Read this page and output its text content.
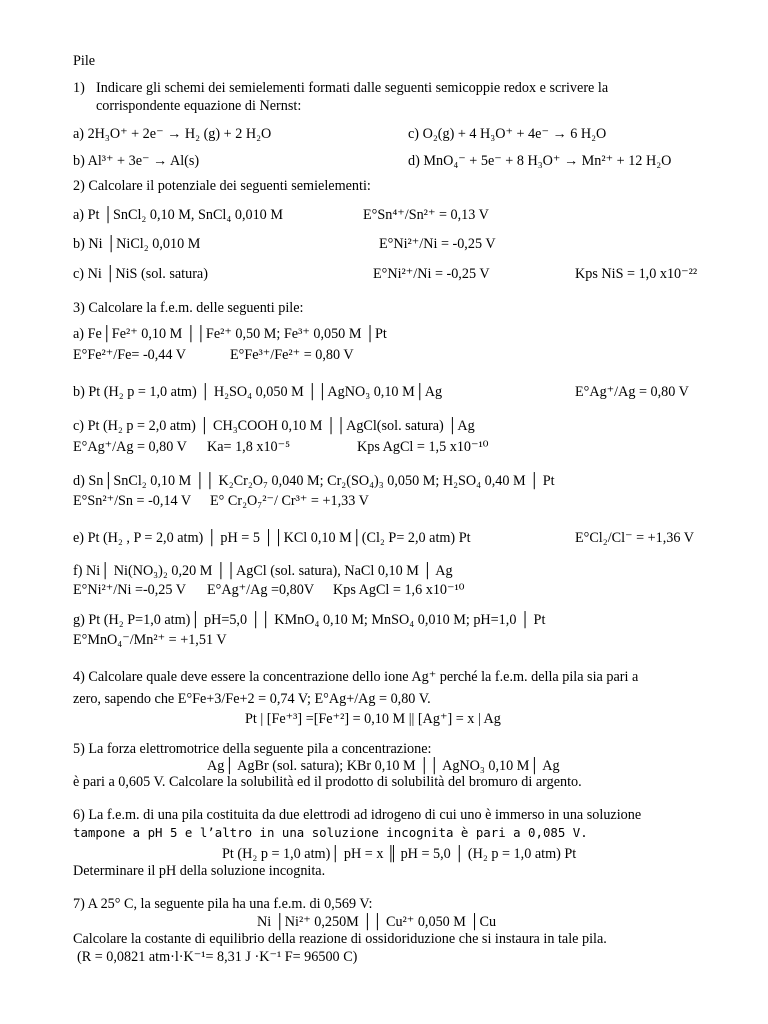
Pile
1) Indicare gli schemi dei semielementi formati dalle seguenti semicoppie redox e scrivere la
corrispondente equazione di Nernst:
a) 2H₃O⁺ + 2e⁻ → H₂ (g) + 2 H₂O	c) O₂(g) + 4 H₃O⁺ + 4e⁻ → 6 H₂O
b) Al³⁺ + 3e⁻ → Al(s)	d) MnO₄⁻ + 5e⁻ + 8 H₃O⁺ → Mn²⁺ + 12 H₂O
2) Calcolare il potenziale dei seguenti semielementi:
a) Pt │SnCl₂ 0,10 M, SnCl₄ 0,010 M	E°Sn⁴⁺/Sn²⁺ = 0,13 V
b) Ni │NiCl₂ 0,010 M	E°Ni²⁺/Ni = -0,25 V
c) Ni │NiS (sol. satura)	E°Ni²⁺/Ni = -0,25 V	Kps NiS = 1,0 x10⁻²²
3) Calcolare la f.e.m. delle seguenti pile:
a) Fe│Fe²⁺ 0,10 M ││Fe²⁺ 0,50 M; Fe³⁺ 0,050 M │Pt
E°Fe²⁺/Fe= -0,44 V	E°Fe³⁺/Fe²⁺ = 0,80 V
b) Pt (H₂ p = 1,0 atm) │ H₂SO₄ 0,050 M ││AgNO₃ 0,10 M│Ag	E°Ag⁺/Ag = 0,80 V
c) Pt (H₂ p = 2,0 atm) │ CH₃COOH 0,10 M ││AgCl(sol. satura) │Ag
E°Ag⁺/Ag = 0,80 V Ka= 1,8 x10⁻⁵	Kps AgCl = 1,5 x10⁻¹⁰
d) Sn│SnCl₂ 0,10 M ││ K₂Cr₂O₇ 0,040 M; Cr₂(SO₄)₃ 0,050 M; H₂SO₄ 0,40 M │ Pt
E°Sn²⁺/Sn = -0,14 V E° Cr₂O₇²⁻/ Cr³⁺ = +1,33 V
e) Pt (H₂ , P = 2,0 atm) │ pH = 5 ││KCl 0,10 M│(Cl₂ P= 2,0 atm) Pt	E°Cl₂/Cl⁻ = +1,36 V
f) Ni│ Ni(NO₃)₂ 0,20 M ││AgCl (sol. satura), NaCl 0,10 M │ Ag
E°Ni²⁺/Ni =-0,25 V E°Ag⁺/Ag =0,80V Kps AgCl = 1,6 x10⁻¹⁰
g) Pt (H₂ P=1,0 atm)│ pH=5,0 ││ KMnO₄ 0,10 M; MnSO₄ 0,010 M; pH=1,0 │ Pt
E°MnO₄⁻/Mn²⁺ = +1,51 V
4) Calcolare quale deve essere la concentrazione dello ione Ag⁺ perché la f.e.m. della pila sia pari a
zero, sapendo che E°Fe+3/Fe+2 = 0,74 V; E°Ag+/Ag = 0,80 V.
Pt | [Fe⁺³] =[Fe⁺²] = 0,10 M || [Ag⁺] = x | Ag
5) La forza elettromotrice della seguente pila a concentrazione:
Ag│ AgBr (sol. satura); KBr 0,10 M ││ AgNO₃ 0,10 M│ Ag
è pari a 0,605 V. Calcolare la solubilità ed il prodotto di solubilità del bromuro di argento.
6) La f.e.m. di una pila costituita da due elettrodi ad idrogeno di cui uno è immerso in una soluzione
tampone a pH 5 e l’altro in una soluzione incognita è pari a 0,085 V.
Pt (H₂ p = 1,0 atm)│ pH = x ║ pH = 5,0 │ (H₂ p = 1,0 atm) Pt
Determinare il pH della soluzione incognita.
7) A 25° C, la seguente pila ha una f.e.m. di 0,569 V:
Ni │Ni²⁺ 0,250M ││ Cu²⁺ 0,050 M │Cu
Calcolare la costante di equilibrio della reazione di ossidoriduzione che si instaura in tale pila.
(R = 0,0821 atm·l·K⁻¹= 8,31 J ·K⁻¹ F= 96500 C)
